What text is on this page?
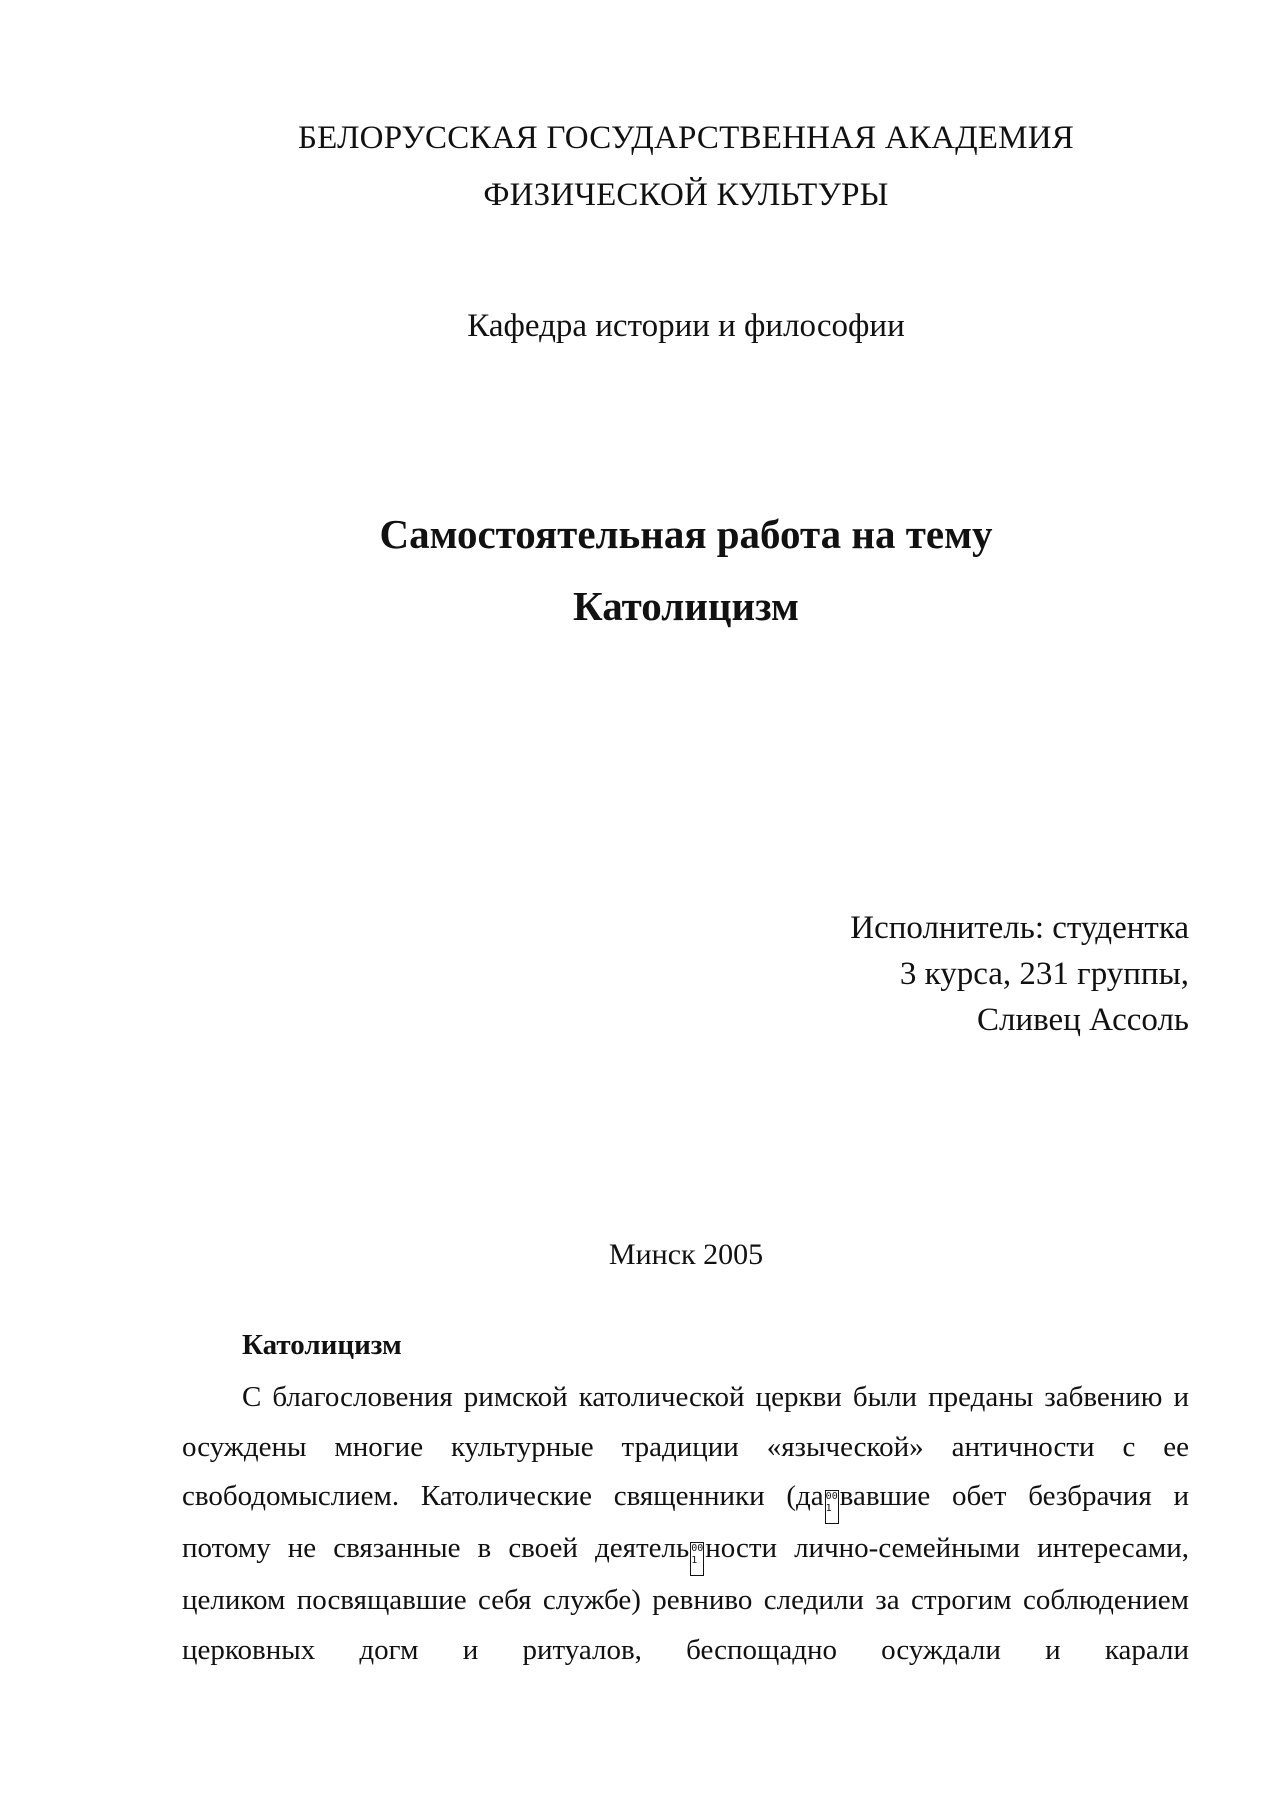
БЕЛОРУССКАЯ ГОСУДАРСТВЕННАЯ АКАДЕМИЯ
ФИЗИЧЕСКОЙ КУЛЬТУРЫ
Кафедра истории и философии
Самостоятельная работа на тему
Католицизм
Исполнитель: студентка
3 курса, 231 группы,
Сливец Ассоль
Минск 2005
Католицизм
С благословения римской католической церкви были преданы забвению и осуждены многие культурные традиции «языческой» античности с ее свободомыслием. Католические священники (да 00
1 вавшие обет безбрачия и потому не связанные в своей деятель 00
1 ности лично-семейными интересами, целиком посвящавшие себя службе) ревниво следили за строгим соблюдением церковных догм и ритуалов, беспощадно осуждали и карали
